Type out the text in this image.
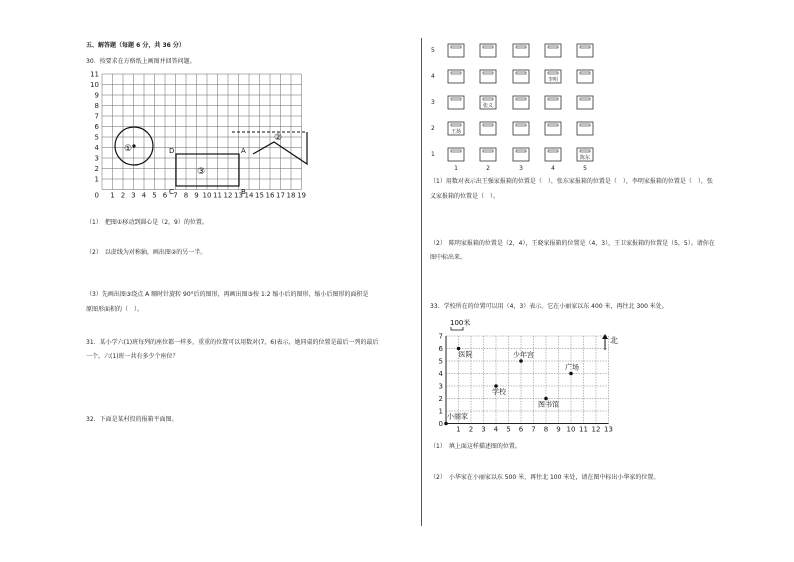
五、解答题（每题 6 分，共 36 分）
30．按要求在方格纸上画图并回答问题。
1
2
3
4
5
6
7
8
9
10
11
0 1 2 3 4 5 6 7 8 9 10 11 12 13 14 15 16 17 18 19
①
③
A
B
C
D
②
（1）　把图①移动到圆心是（2，9）的位置。
（2）　以虚线为对称轴，画出图②的另一半。
（3）先画出图③绕点 A 顺时针旋转 90°后的图形，再画出图③按 1:2 缩小后的图形，缩小后图形的面积是
原图形面积的（　）。
31．某小学六(1)班每列的座位都一样多，重重的位置可以用数对(7，6)表示，她同桌的位置是最后一列的最后
一个。六(1)班一共有多少个座位？
32．下面是某村投的报箱平面图。
5
4	李明
3	张义
2	王扬
1	陈东
1	2	3	4	5
（1）用数对表示出王强家报箱的位置是（　），张东家报箱的位置是（　），李明家报箱的位置是（　），张
义家报箱的位置是（　）。
（2）　陈明家报箱的位置是（2，4），王晓家报箱的位置是（4，3），王卫家报箱的位置是（5，5）。请你在
图中标出来。
33．学校所在的位置可以用（4，3）表示。它在小丽家以东 400 米，再往北 300 米处。
7
6
5
4
3
2
1
0
1 2 3 4 5 6 7 8 9 10 11 12 13
100米
北
医院	少年宫
学校
广场
图书馆
小丽家
（1）　填上面这样描述图的位置。
（2）　小华家在小丽家以东 500 米，再往北 100 米处，请在图中标出小华家的位置。
